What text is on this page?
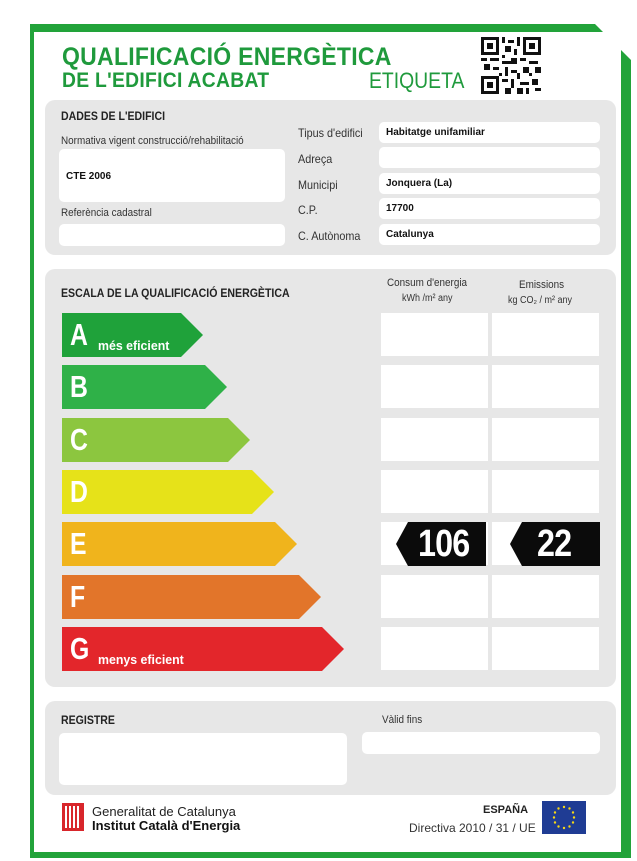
QUALIFICACIÓ ENERGÈTICA
DE L'EDIFICI ACABAT	ETIQUETA
DADES DE L'EDIFICI
Normativa vigent construcció/rehabilitació
CTE 2006
Referència cadastral
Tipus d'edifici Habitatge unifamiliar
Adreça
Municipi	Jonquera (La)
C.P.	17700
C. Autònoma	Catalunya
ESCALA DE LA QUALIFICACIÓ ENERGÈTICA
Consum d'energia
kWh /m² any
Emissions
kg CO₂ / m² any
A més eficient
B
C
D
E	106 22
F
G menys eficient
REGISTRE	Vàlid fins
Generalitat de Catalunya
Institut Català d'Energia
ESPAÑA
Directiva 2010 / 31 / UE
